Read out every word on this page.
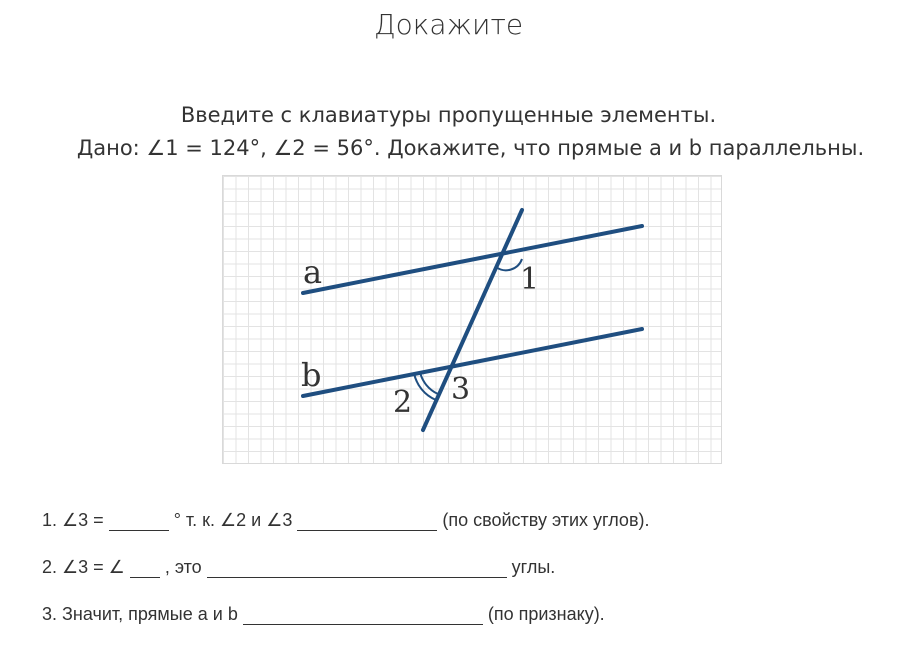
Докажите
Введите с клавиатуры пропущенные элементы.
Дано: ∠1 = 124°, ∠2 = 56°. Докажите, что прямые a и b параллельны.
a
b
1
2 3
1. ∠3 =	° т. к. ∠2 и ∠3	(по свойству этих углов).
2. ∠3 = ∠ , это	углы.
3. Значит, прямые a и b	(по признаку).
